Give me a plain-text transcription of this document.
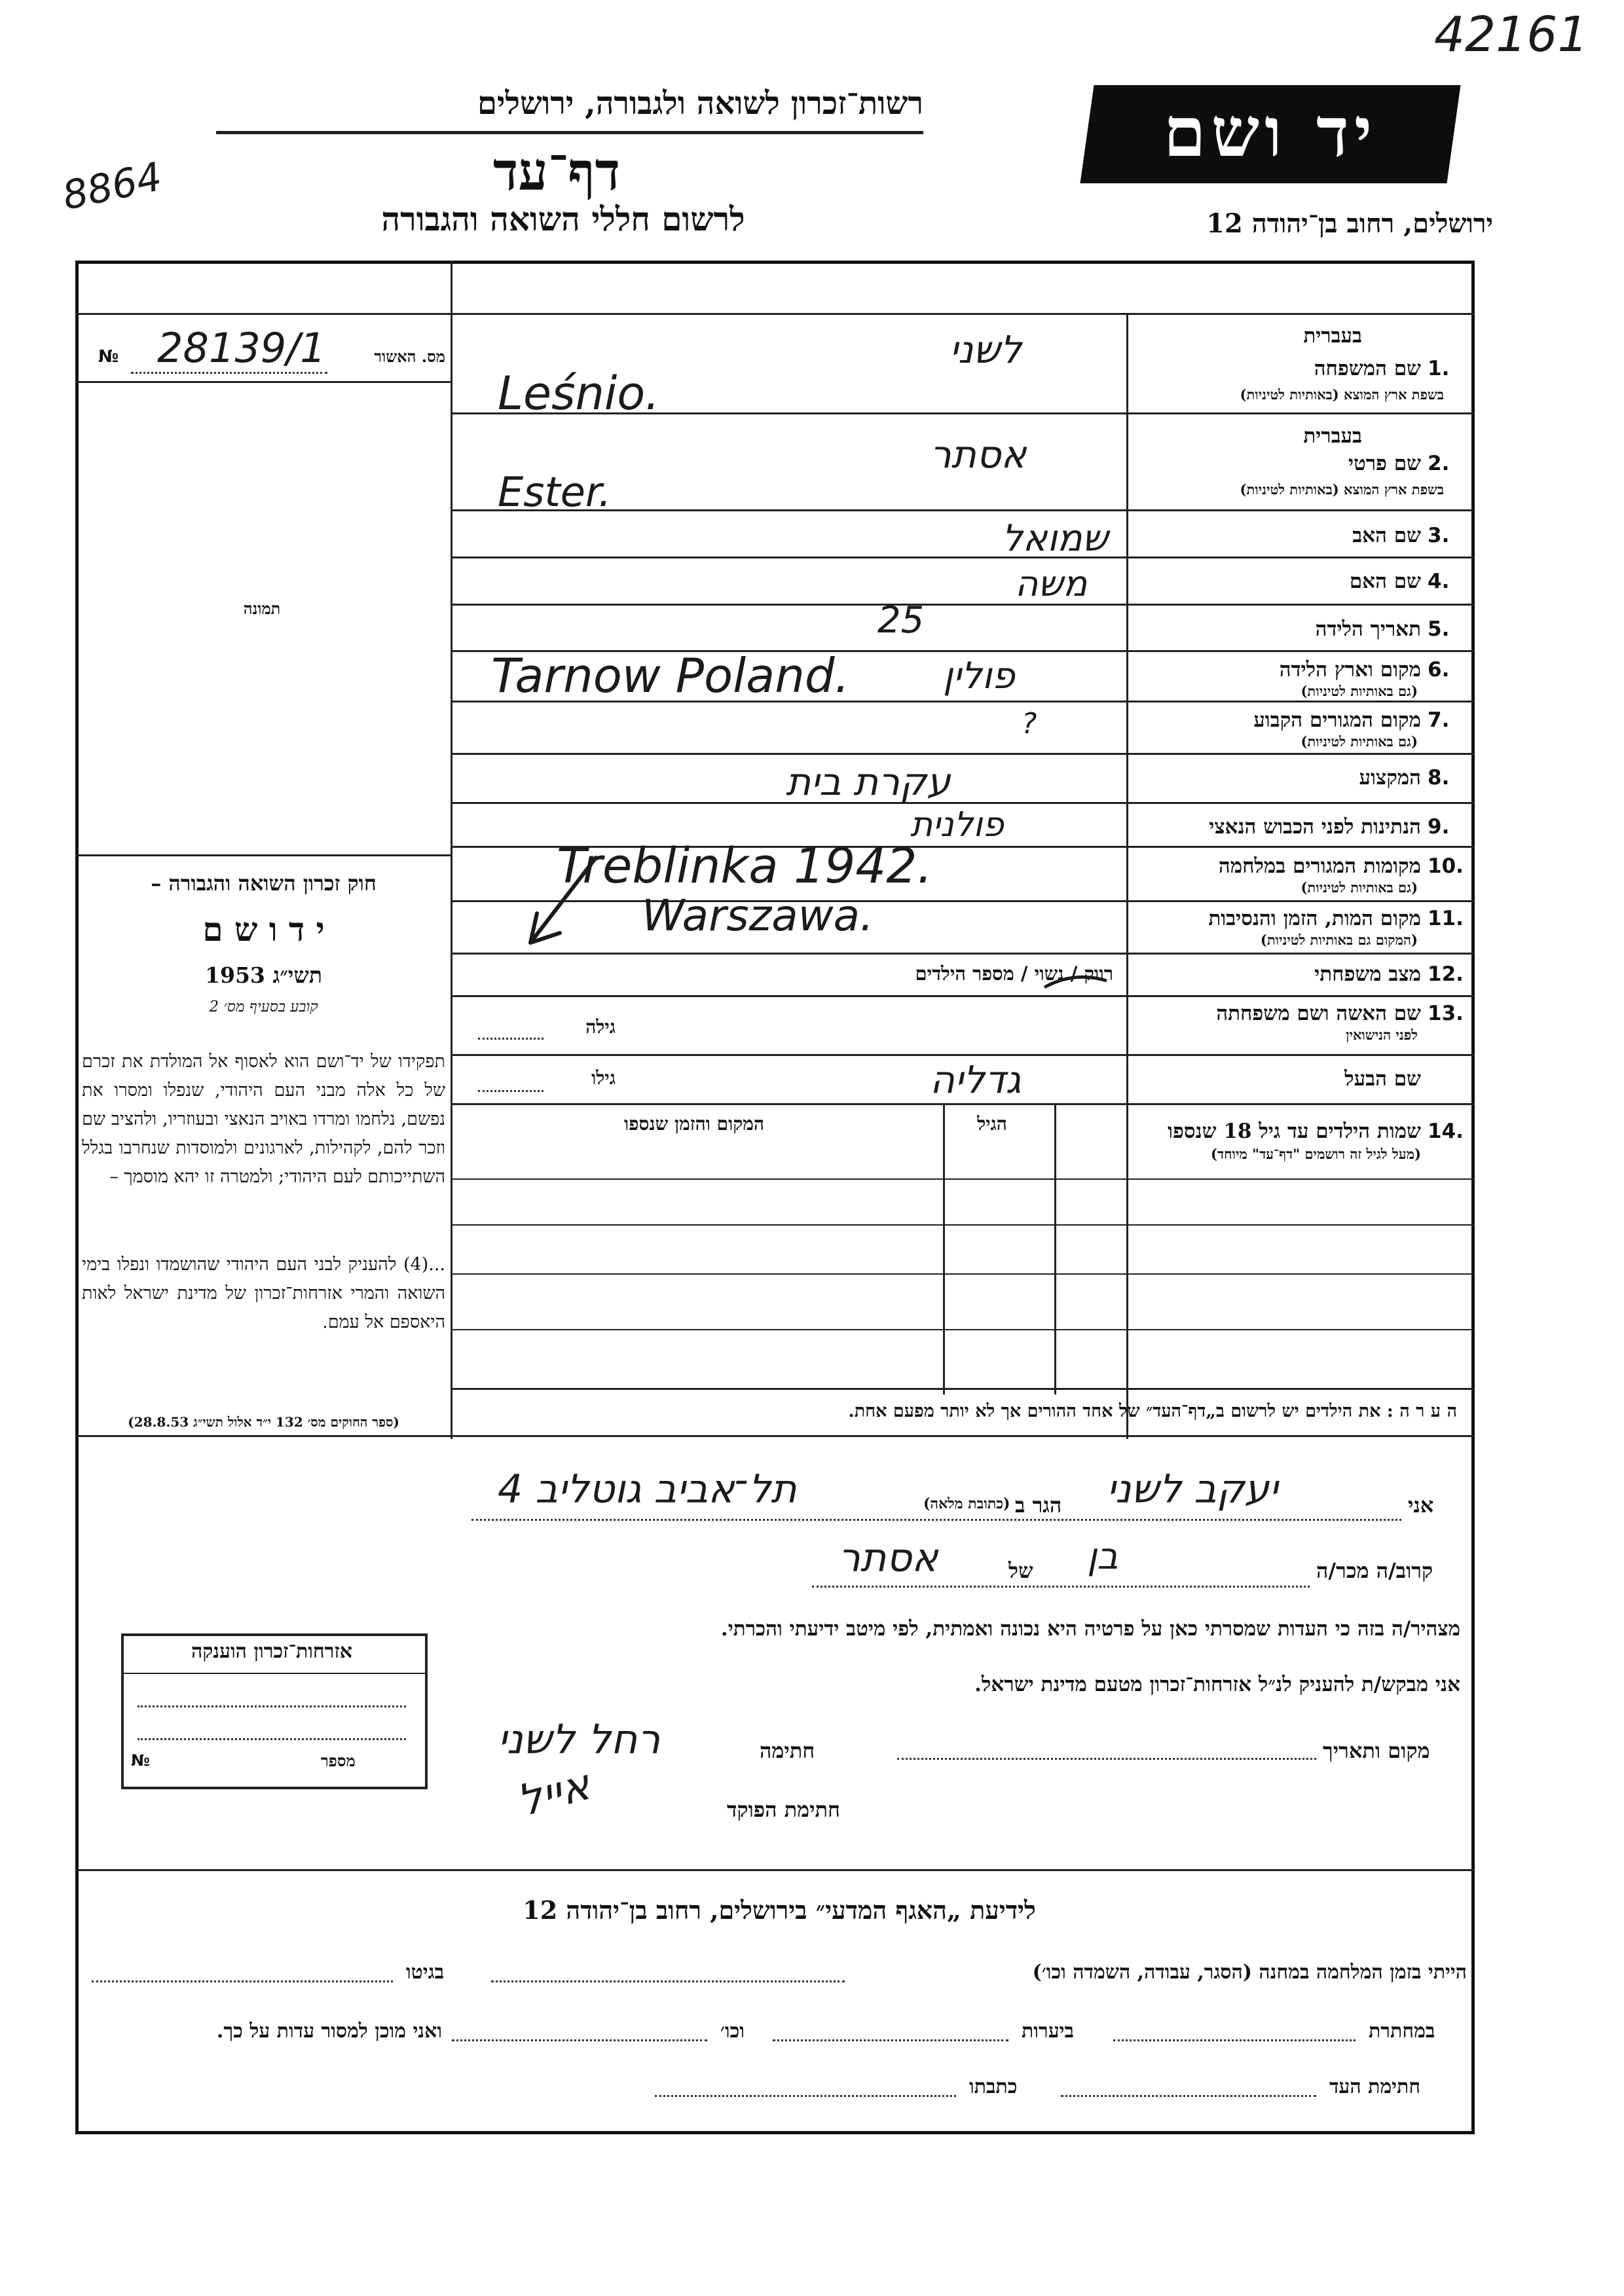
42161
8864
רשות־זכרון לשואה ולגבורה, ירושלים
דף־עד
לרשום חללי השואה והגבורה
יד ושם
ירושלים, רחוב בן־יהודה 12
מס. האשור
№ 28139/1
תמונה
חוק זכרון השואה והגבורה –
י ד ו ש ם
תשי״ג 1953
קובע בסעיף מס׳ 2
תפקידו של יד־ושם הוא לאסוף אל המולדת את זכרם של כל אלה מבני העם היהודי, שנפלו ומסרו את נפשם, נלחמו ומרדו באויב הנאצי ובעוזריו, ולהציב שם וזכר להם, לקהילות, לארגונים ולמוסדות שנחרבו בגלל השתייכותם לעם היהודי; ולמטרה זו יהא מוסמך –
...(4) להעניק לבני העם היהודי שהושמדו ונפלו בימי השואה והמרי אזרחות־זכרון של מדינת ישראל לאות היאספם אל עמם.
(ספר החוקים מס׳ 132 י״ד אלול תשי״ג 28.8.53)
בעברית
1.
שם המשפחה
בשפת ארץ המוצא (באותיות לטיניות)
בעברית
2.
שם פרטי
בשפת ארץ המוצא (באותיות לטיניות)
3.
שם האב
4.
שם האם
5.
תאריך הלידה
6.
מקום וארץ הלידה
(גם באותיות לטיניות)
7.
מקום המגורים הקבוע
(גם באותיות לטיניות)
8.
המקצוע
9.
הנתינות לפני הכבוש הנאצי
10.
מקומות המגורים במלחמה
(גם באותיות לטיניות)
11.
מקום המות, הזמן והנסיבות
(המקום גם באותיות לטיניות)
12.
מצב משפחתי
רווק / נשוי / מספר הילדים
13.
שם האשה ושם משפחתה
לפני הנישואין
גילה
שם הבעל
גילו
14.
שמות הילדים עד גיל 18 שנספו
(מעל לגיל זה רושמים "דף־עד" מיוחד)
הגיל
המקום והזמן שנספו
לשני
Leśnio.
אסתר
Ester.
שמואל
משה
25
Tarnow Poland.	פולין
?
עקרת בית
פולנית
Treblinka 1942.
Warszawa.
גדליה
ה ע ר ה : את הילדים יש לרשום ב„דף־העד״ של אחד ההורים אך לא יותר מפעם אחת.
אני
יעקב לשני
הגר ב
(כתובת מלאה)
תל־אביב גוטליב 4
קרוב/ה מכר/ה
בן
של
אסתר
מצהיר/ה בזה כי העדות שמסרתי כאן על פרטיה היא נכונה ואמתית, לפי מיטב ידיעתי והכרתי.
אני מבקש/ת להעניק לנ״ל אזרחות־זכרון מטעם מדינת ישראל.
מקום ותאריך
חתימה
רחל לשני
חתימת הפוקד
אייל
אזרחות־זכרון הוענקה
מספר
№
לידיעת „האגף המדעי״ בירושלים, רחוב בן־יהודה 12
הייתי בזמן המלחמה במחנה (הסגר, עבודה, השמדה וכו׳)
בגיטו
במחתרת
ביערות
וכו׳
ואני מוכן למסור עדות על כך.
חתימת העד
כתבתו
